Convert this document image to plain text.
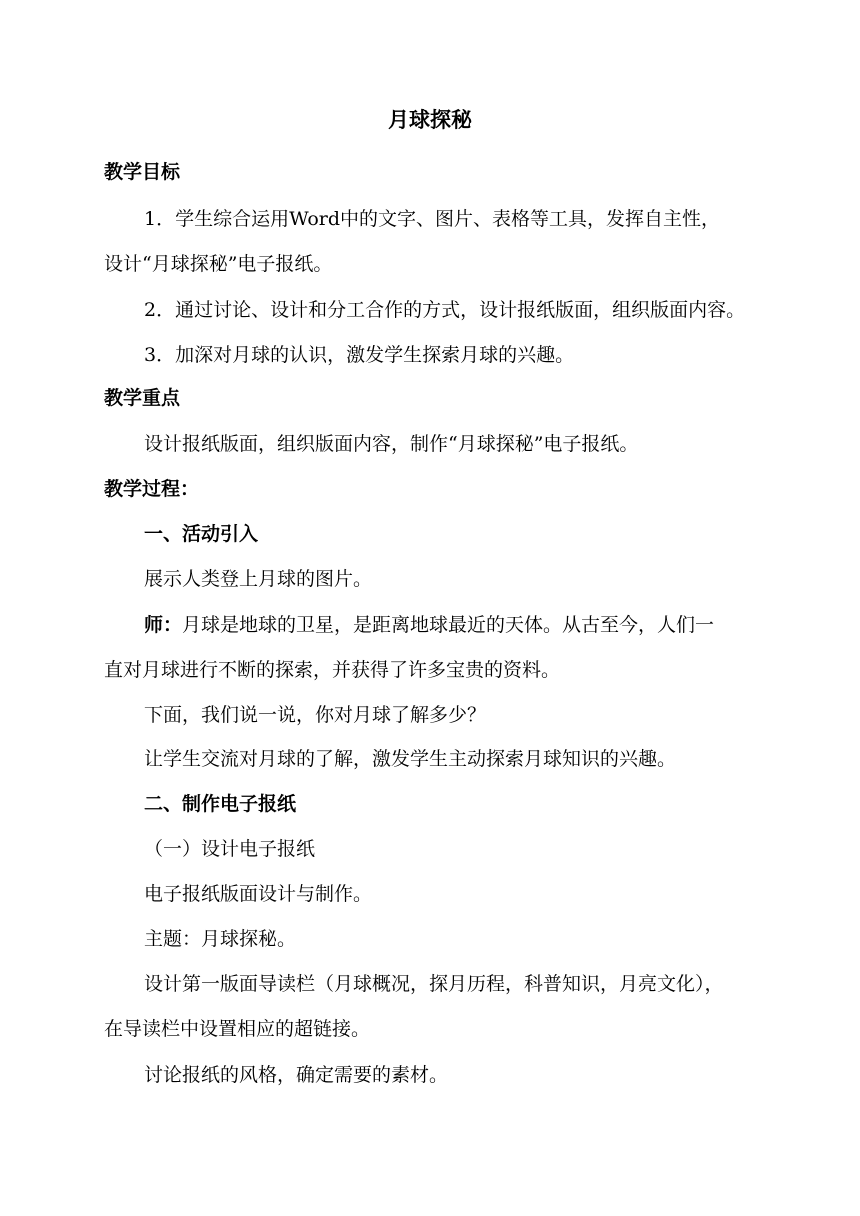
月球探秘
教学目标
1．学生综合运用Word中的文字、图片、表格等工具，发挥自主性，
设计“月球探秘”电子报纸。
2．通过讨论、设计和分工合作的方式，设计报纸版面，组织版面内容。
3．加深对月球的认识，激发学生探索月球的兴趣。
教学重点
设计报纸版面，组织版面内容，制作“月球探秘”电子报纸。
教学过程：
一、活动引入
展示人类登上月球的图片。
师：月球是地球的卫星，是距离地球最近的天体。从古至今，人们一
直对月球进行不断的探索，并获得了许多宝贵的资料。
下面，我们说一说，你对月球了解多少？
让学生交流对月球的了解，激发学生主动探索月球知识的兴趣。
二、制作电子报纸
（一）设计电子报纸
电子报纸版面设计与制作。
主题：月球探秘。
设计第一版面导读栏（月球概况，探月历程，科普知识，月亮文化），
在导读栏中设置相应的超链接。
讨论报纸的风格，确定需要的素材。
